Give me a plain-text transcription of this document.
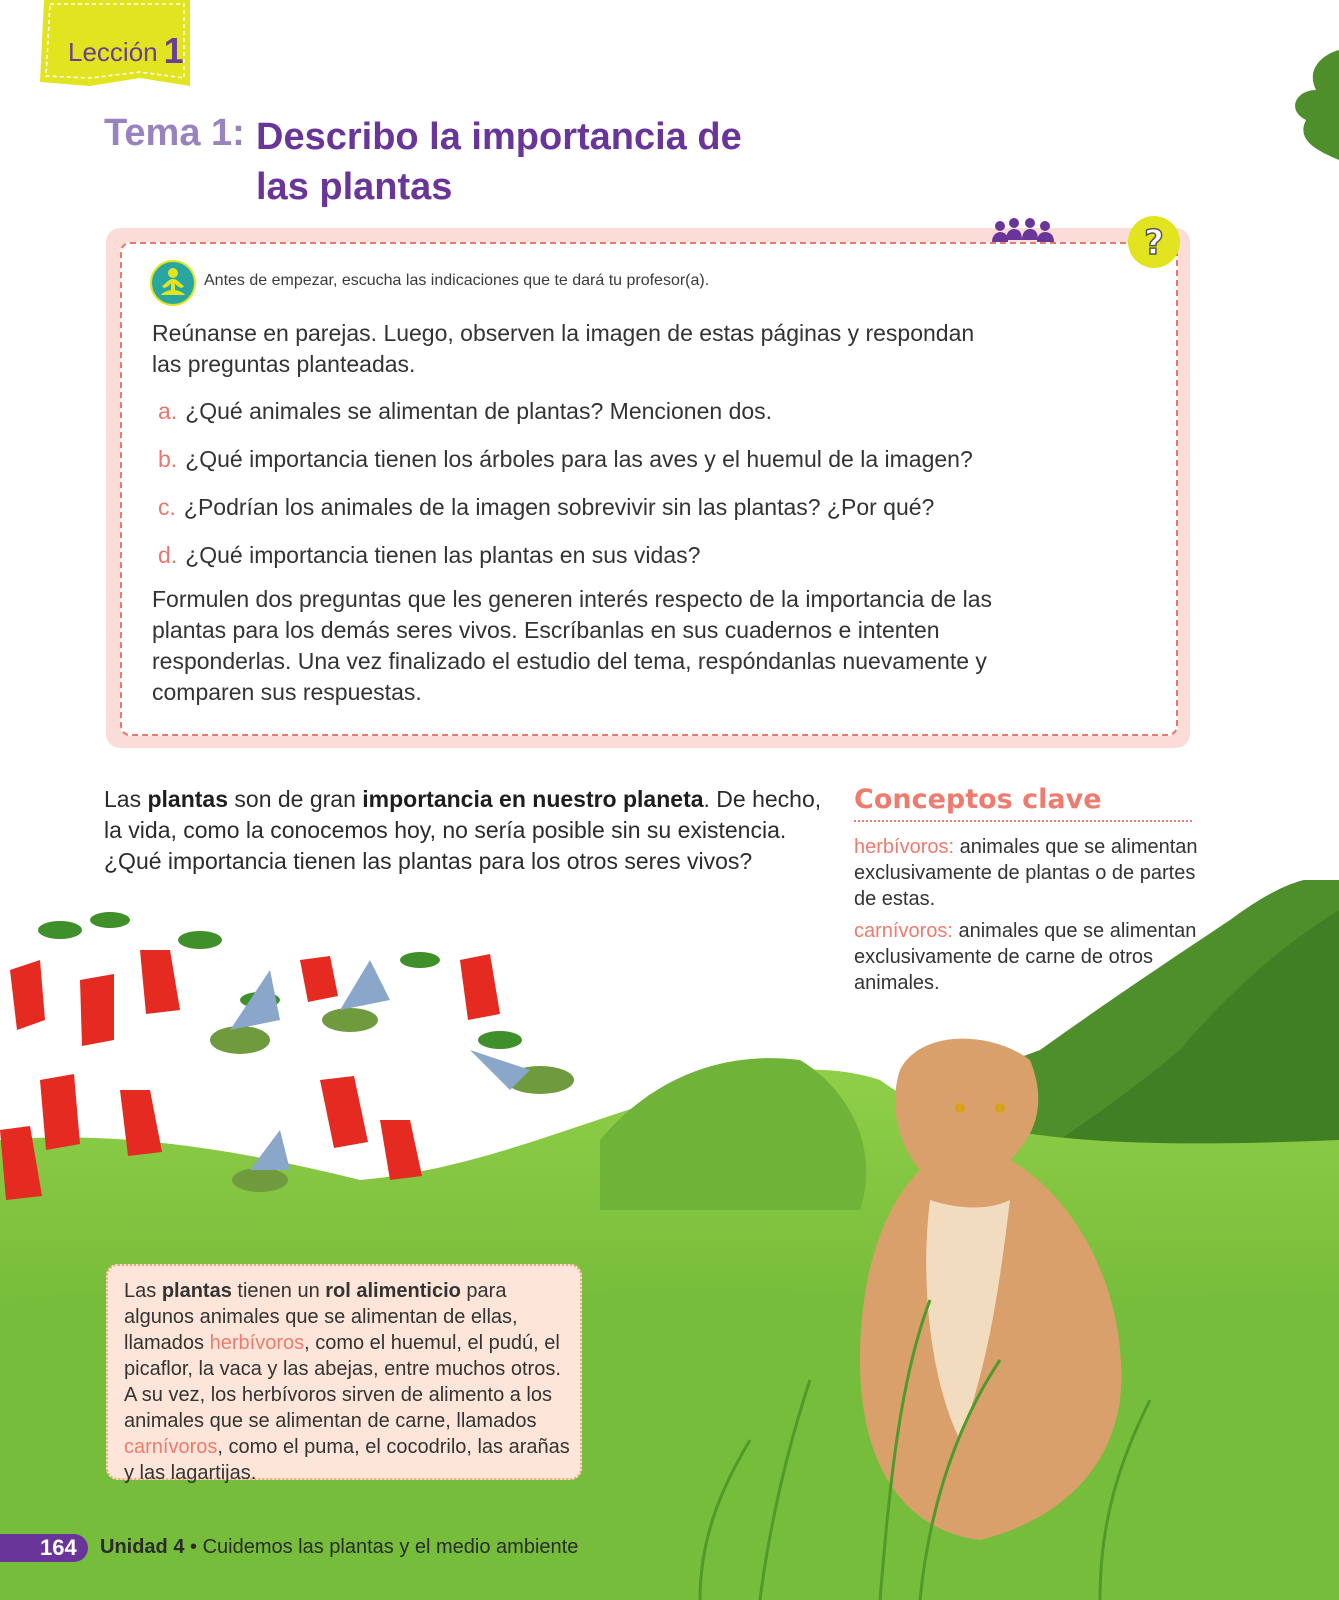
Lección 1
Tema 1: Describo la importancia de las plantas
Antes de empezar, escucha las indicaciones que te dará tu profesor(a).
?
Reúnanse en parejas. Luego, observen la imagen de estas páginas y respondan las preguntas planteadas.
a. ¿Qué animales se alimentan de plantas? Mencionen dos.
b. ¿Qué importancia tienen los árboles para las aves y el huemul de la imagen?
c. ¿Podrían los animales de la imagen sobrevivir sin las plantas? ¿Por qué?
d. ¿Qué importancia tienen las plantas en sus vidas?
Formulen dos preguntas que les generen interés respecto de la importancia de las plantas para los demás seres vivos. Escríbanlas en sus cuadernos e intenten responderlas. Una vez finalizado el estudio del tema, respóndanlas nuevamente y comparen sus respuestas.
Las plantas son de gran importancia en nuestro planeta. De hecho, la vida, como la conocemos hoy, no sería posible sin su existencia. ¿Qué importancia tienen las plantas para los otros seres vivos?
Conceptos clave
herbívoros: animales que se alimentan exclusivamente de plantas o de partes de estas.
carnívoros: animales que se alimentan exclusivamente de carne de otros animales.
Las plantas tienen un rol alimenticio para algunos animales que se alimentan de ellas, llamados herbívoros, como el huemul, el pudú, el picaflor, la vaca y las abejas, entre muchos otros. A su vez, los herbívoros sirven de alimento a los animales que se alimentan de carne, llamados carnívoros, como el puma, el cocodrilo, las arañas y las lagartijas.
164 Unidad 4 • Cuidemos las plantas y el medio ambiente
